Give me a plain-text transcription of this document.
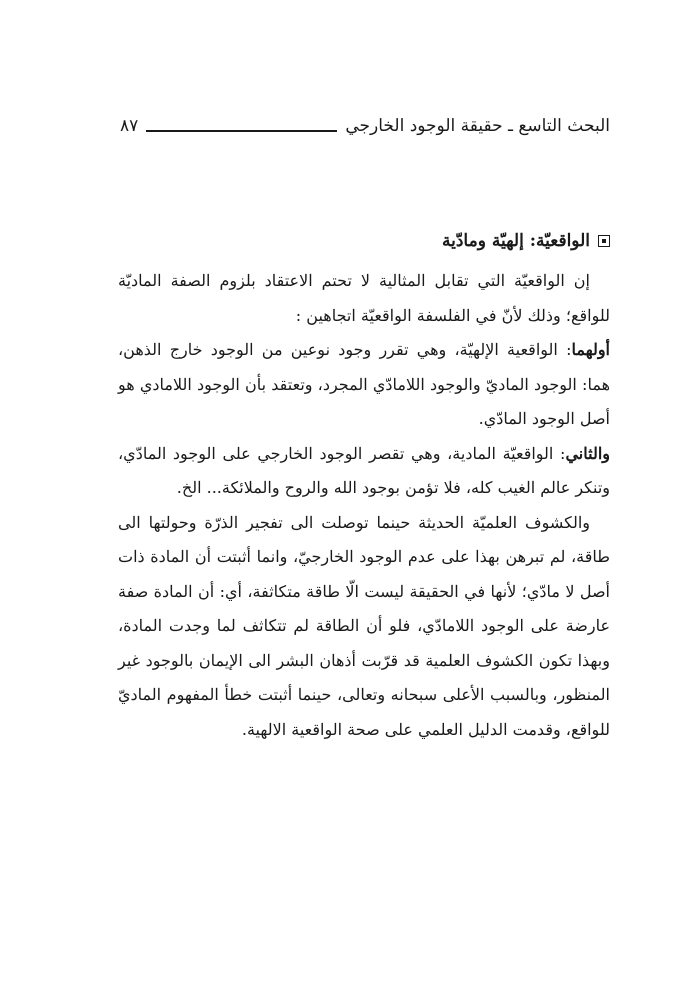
البحث التاسع ـ حقيقة الوجود الخارجي
٨٧
الواقعيّة: إلهيّة ومادّية

إن الواقعيّة التي تقابل المثالية لا تحتم الاعتقاد بلزوم الصفة الماديّة للواقع؛ وذلك لأنّ في الفلسفة الواقعيّة اتجاهين :

أولهما: الواقعية الإلهيّة، وهي تقرر وجود نوعين من الوجود خارج الذهن، هما: الوجود الماديّ والوجود اللامادّي المجرد، وتعتقد بأن الوجود اللامادي هو أصل الوجود المادّي.

والثاني: الواقعيّة المادية، وهي تقصر الوجود الخارجي على الوجود المادّي، وتنكر عالم الغيب كله، فلا تؤمن بوجود الله والروح والملائكة... الخ.

والكشوف العلميّة الحديثة حينما توصلت الى تفجير الذرّة وحولتها الى طاقة، لم تبرهن بهذا على عدم الوجود الخارجيّ، وانما أثبتت أن المادة ذات أصل لا مادّي؛ لأنها في الحقيقة ليست الّا طاقة متكاثفة، أي: أن المادة صفة عارضة على الوجود اللامادّي، فلو أن الطاقة لم تتكاثف لما وجدت المادة، وبهذا تكون الكشوف العلمية قد قرّبت أذهان البشر الى الإيمان بالوجود غير المنظور، وبالسبب الأعلى سبحانه وتعالى، حينما أثبتت خطأ المفهوم الماديّ للواقع، وقدمت الدليل العلمي على صحة الواقعية الالهية.
